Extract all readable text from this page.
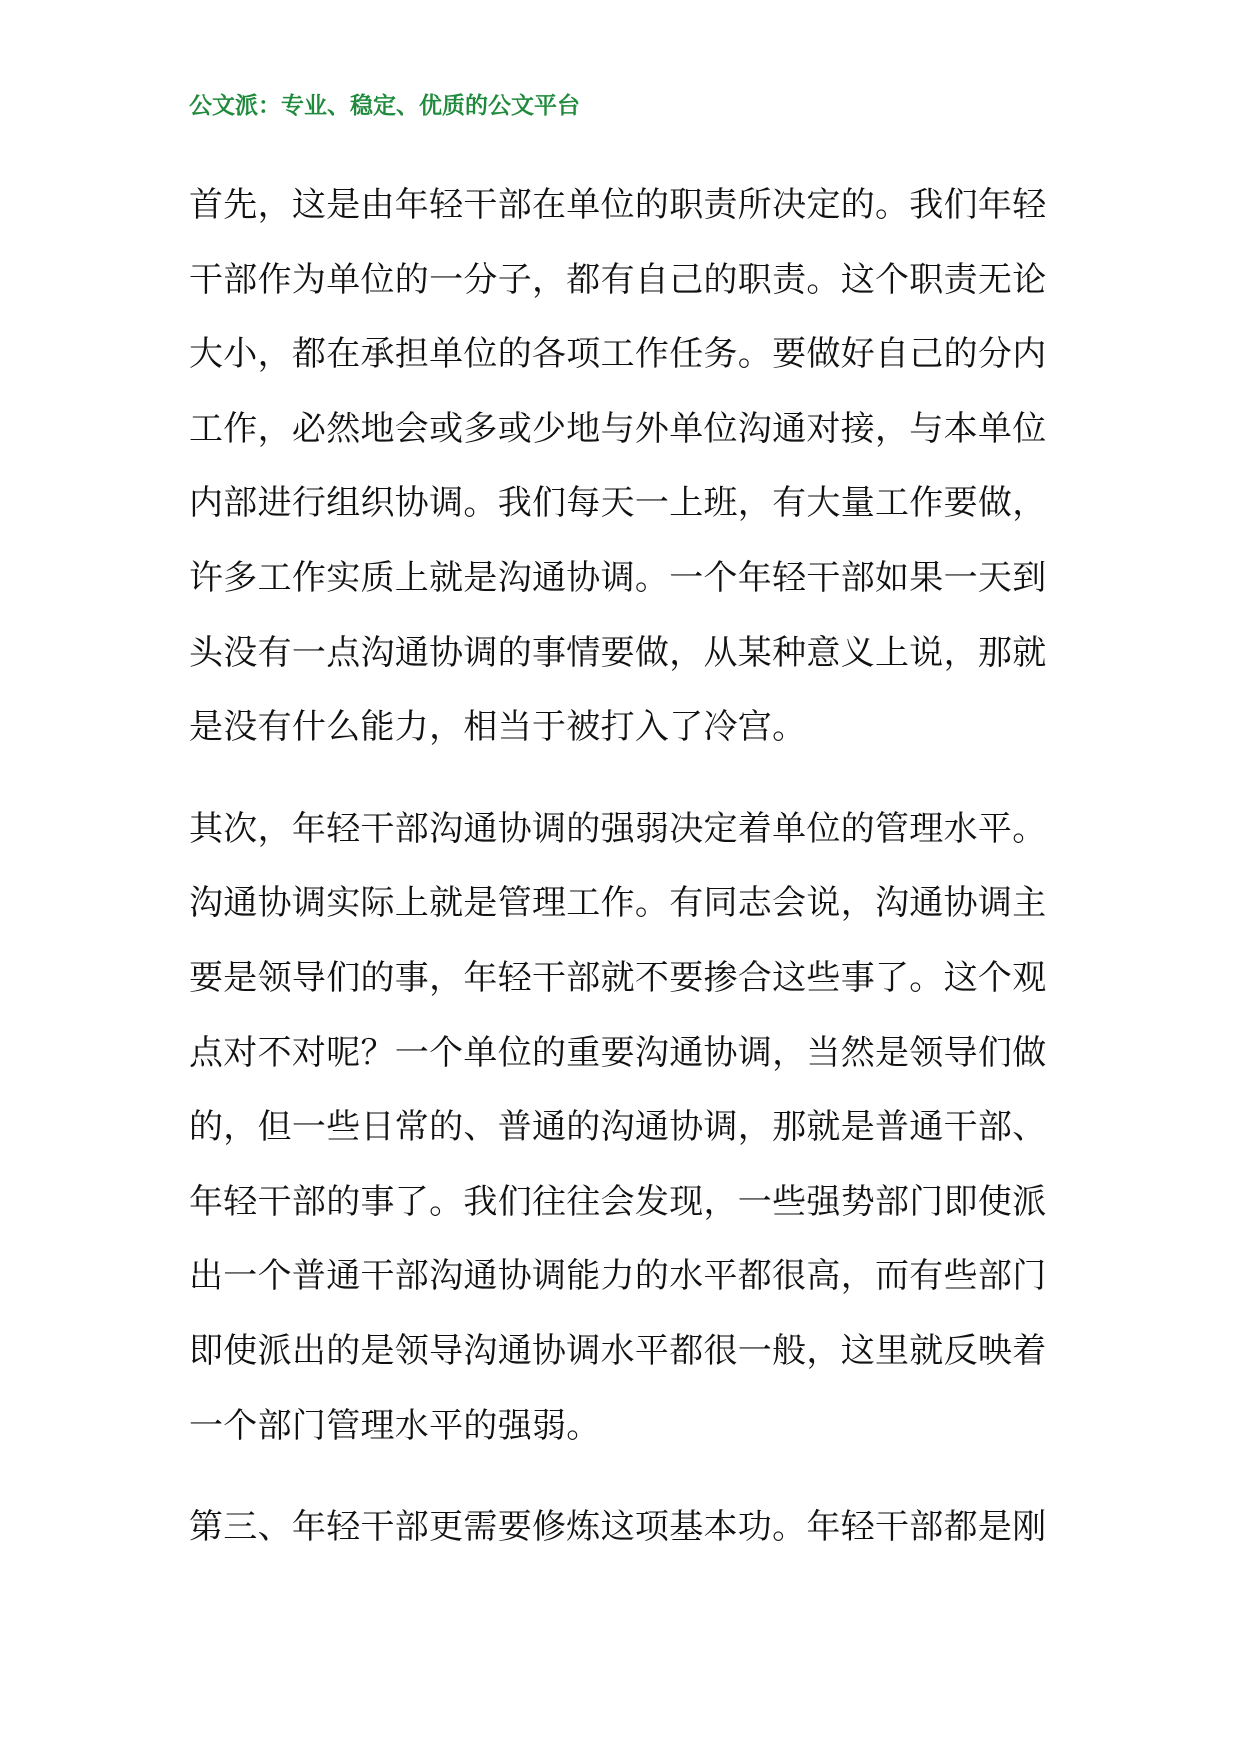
公文派：专业、稳定、优质的公文平台
首先，这是由年轻干部在单位的职责所决定的。我们年轻
干部作为单位的一分子，都有自己的职责。这个职责无论
大小，都在承担单位的各项工作任务。要做好自己的分内
工作，必然地会或多或少地与外单位沟通对接，与本单位
内部进行组织协调。我们每天一上班，有大量工作要做，
许多工作实质上就是沟通协调。一个年轻干部如果一天到
头没有一点沟通协调的事情要做，从某种意义上说，那就
是没有什么能力，相当于被打入了冷宫。
其次，年轻干部沟通协调的强弱决定着单位的管理水平。
沟通协调实际上就是管理工作。有同志会说，沟通协调主
要是领导们的事，年轻干部就不要掺合这些事了。这个观
点对不对呢？一个单位的重要沟通协调，当然是领导们做
的，但一些日常的、普通的沟通协调，那就是普通干部、
年轻干部的事了。我们往往会发现，一些强势部门即使派
出一个普通干部沟通协调能力的水平都很高，而有些部门
即使派出的是领导沟通协调水平都很一般，这里就反映着
一个部门管理水平的强弱。
第三、年轻干部更需要修炼这项基本功。年轻干部都是刚
